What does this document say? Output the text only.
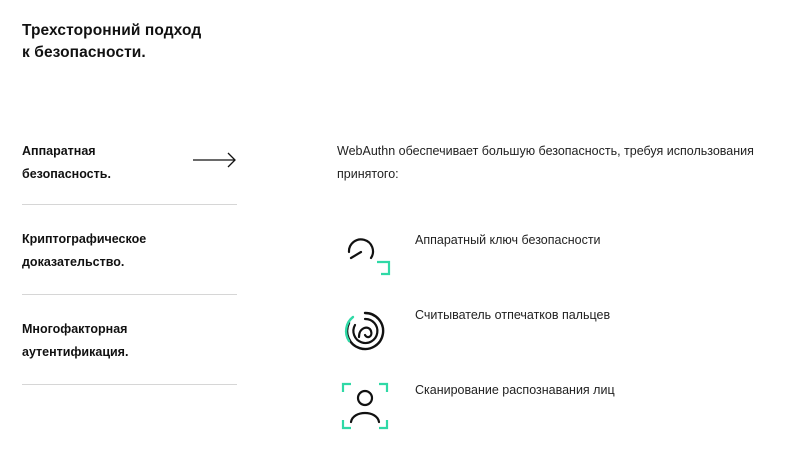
Трехсторонний подход
к безопасности.
Аппаратная
безопасность.
Криптографическое
доказательство.
Многофакторная
аутентификация.
WebAuthn обеспечивает большую безопасность, требуя использования
принятого:
Аппаратный ключ безопасности
Считыватель отпечатков пальцев
Сканирование распознавания лиц
